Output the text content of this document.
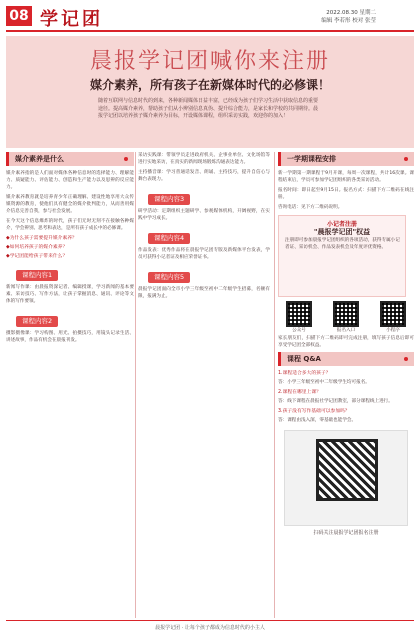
08 学记团	2022.08.30 星期二
编辑 李若彤 校对 张莹
晨报学记团喊你来注册
媒介素养，所有孩子在新媒体时代的必修课！
随着互联网与信息时代的到来，各种新闻媒体日益丰富，已经成为孩子们学习生活中获取信息的重要途径。提高媒介素养，帮助孩子们从小辨别信息真伪、提升综合能力，是家长和学校的共同期待。晨报学记团以培养孩子媒介素养为目标，开设媒体课程，组织采访实践，欢迎你的加入！
媒介素养是什么

媒介素养指的是人们面对媒体各种信息时的选择能力、理解能力、质疑能力、评估能力、创造和生产能力以及思辨的反应能力。

媒介素养教育就是培养青少年正确理解、建设性地享用大众传媒资源的教育，使他们具有健全的媒介批判能力，从而善用媒介信息完善自我，参与社会发展。

在今天这个信息爆炸的时代，孩子们无时无刻不在接触各种媒介，学会辨别、思考和表达，是所有孩子成长中的必修课。

◆为什么孩子需要提升媒介素养？

◆如何培养孩子的媒介素养？

◆学记团能给孩子带来什么？

课程内容1

新闻写作课：由晨报资深记者、编辑授课，学习新闻的基本要素、采访技巧、写作方法，让孩子掌握消息、通讯、评论等文体的写作要领。

课程内容2

摄影摄像课：学习构图、用光、拍摄技巧，用镜头记录生活、讲述故事，作品有机会在晨报刊发。

采访实践课：带领学员走进政府机关、企事业单位、文化场馆等进行实地采访，在真实的新闻现场锻炼沟通表达能力。

主持播音课：学习普通话发音、朗诵、主持技巧，提升自信心与舞台表现力。

课程内容3

研学活动：定期组织主题研学、参观媒体机构，开阔视野，在实践中学习成长。

课程内容4

作品发表：优秀作品将在晨报学记团专版及新媒体平台发表，学员可获得小记者证及相应荣誉证书。

课程内容5

晨报学记团面向全市小学三年级至初中二年级学生招募，名额有限，报满为止。

一学期课程安排

新一学期第一期课程于9月开课，每周一次课程，共计16次课。课程结束后，学员可参加学记团组织的各类采访活动。

报名时间：即日起至9月15日。报名方式：扫描下方二维码在线注册。

咨询电话：见下方二维码说明。

小记者注册
"晨报学记团"权益
注册即可参加晨报学记团组织的各项活动，获得专属小记者证、采访机会、作品发表机会及年度评优资格。
公众号	报名入口	小程序

家长朋友们，扫描下方二维码即可完成注册，填写孩子信息后即可享受学记团全部权益。

课程 Q&A

1.课程适合多大的孩子？

答：小学三年级至初中二年级学生均可报名。

2.课程在哪里上课？

答：线下课程在晨报社学记团教室，部分课程线上进行。

3.孩子没有写作基础可以参加吗？

答：课程由浅入深，零基础也能学会。

扫码关注晨报学记团报名注册
晨报学记团 · 让每个孩子都成为信息时代的小主人
